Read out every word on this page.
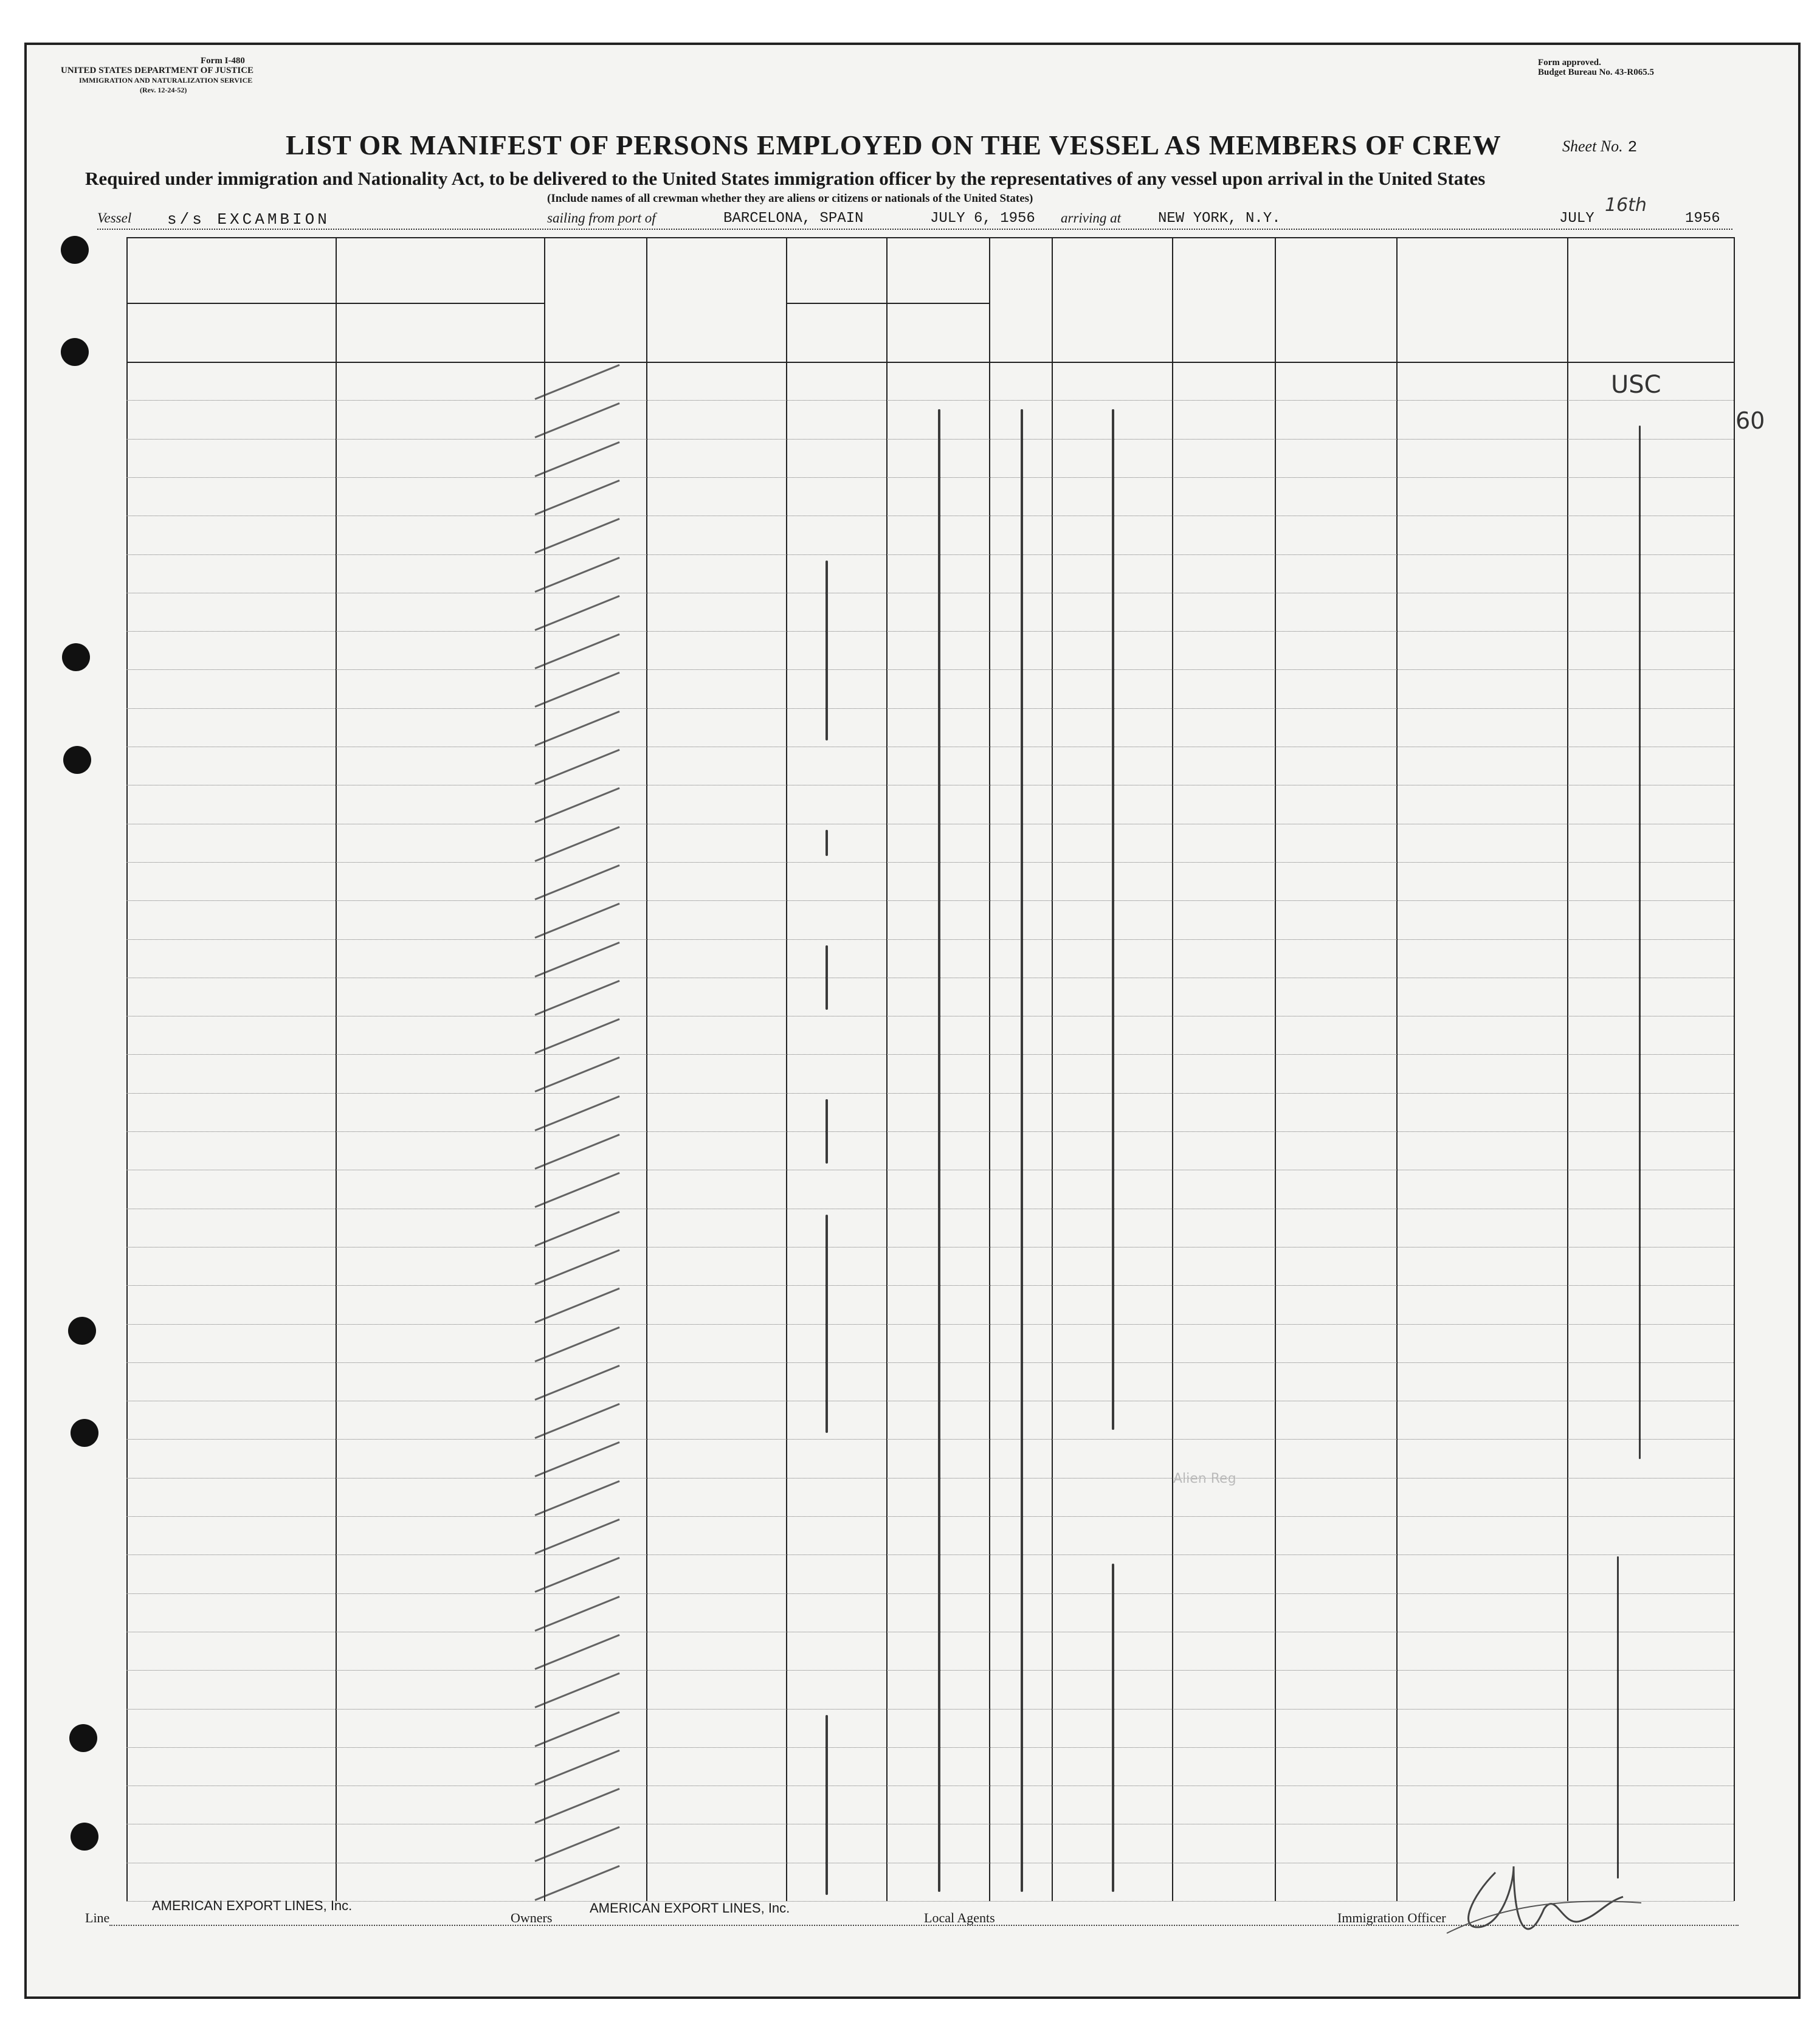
Form I-480
UNITED STATES DEPARTMENT OF JUSTICE
IMMIGRATION AND NATURALIZATION SERVICE
(Rev. 12-24-52)
Form approved.
Budget Bureau No. 43-R065.5
LIST OR MANIFEST OF PERSONS EMPLOYED ON THE VESSEL AS MEMBERS OF CREW	Sheet No. 2
Required under immigration and Nationality Act, to be delivered to the United States immigration officer by the representatives of any vessel upon arrival in the United States
(Include names of all crewman whether they are aliens or citizens or nationals of the United States)
Vessel s/s EXCAMBION	sailing from port of	BARCELONA, SPAIN	JULY 6, 1956 arriving at	NEW YORK, N.Y.	JULY
16th
1956
USC
60
Alien Reg
Line
AMERICAN EXPORT LINES, Inc.
Owners
AMERICAN EXPORT LINES, Inc.
Local Agents	Immigration Officer
